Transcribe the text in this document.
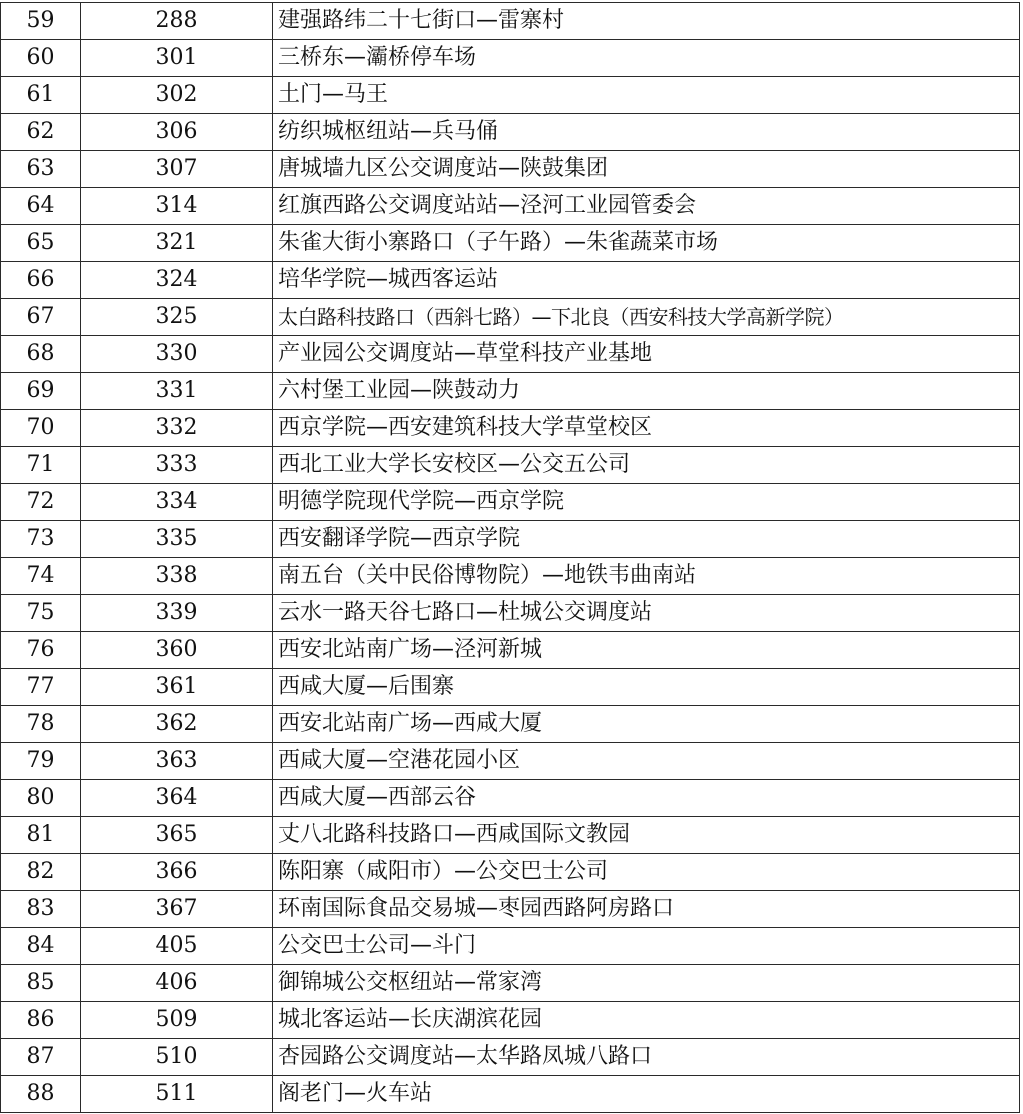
59	288	建强路纬二十七街口—雷寨村
60	301	三桥东—灞桥停车场
61	302	土门—马王
62	306	纺织城枢纽站—兵马俑
63	307	唐城墙九区公交调度站—陕鼓集团
64	314	红旗西路公交调度站站—泾河工业园管委会
65	321	朱雀大街小寨路口（子午路）—朱雀蔬菜市场
66	324	培华学院—城西客运站
67	325	太白路科技路口（西斜七路）—下北良（西安科技大学高新学院）
68	330	产业园公交调度站—草堂科技产业基地
69	331	六村堡工业园—陕鼓动力
70	332	西京学院—西安建筑科技大学草堂校区
71	333	西北工业大学长安校区—公交五公司
72	334	明德学院现代学院—西京学院
73	335	西安翻译学院—西京学院
74	338	南五台（关中民俗博物院）—地铁韦曲南站
75	339	云水一路天谷七路口—杜城公交调度站
76	360	西安北站南广场—泾河新城
77	361	西咸大厦—后围寨
78	362	西安北站南广场—西咸大厦
79	363	西咸大厦—空港花园小区
80	364	西咸大厦—西部云谷
81	365	丈八北路科技路口—西咸国际文教园
82	366	陈阳寨（咸阳市）—公交巴士公司
83	367	环南国际食品交易城—枣园西路阿房路口
84	405	公交巴士公司—斗门
85	406	御锦城公交枢纽站—常家湾
86	509	城北客运站—长庆湖滨花园
87	510	杏园路公交调度站—太华路凤城八路口
88	511	阁老门—火车站
